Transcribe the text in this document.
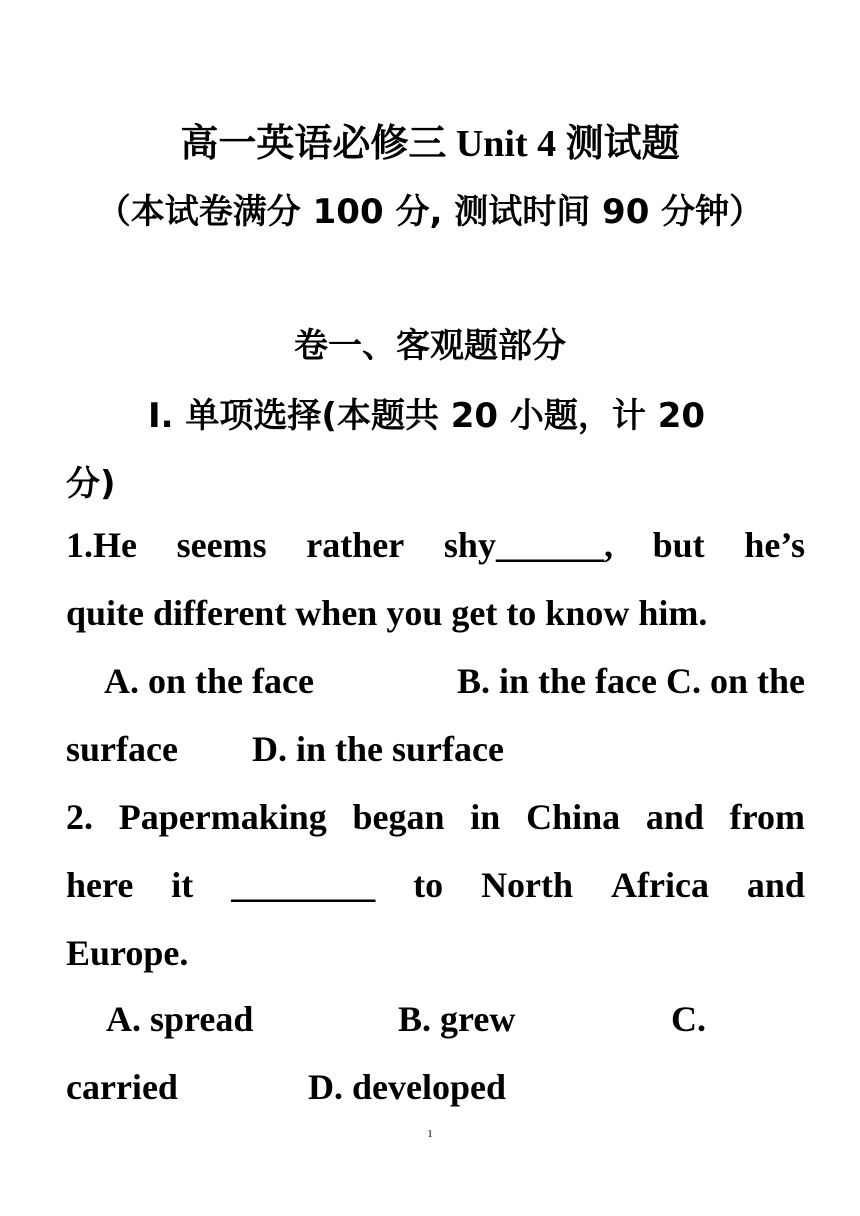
高一英语必修三 Unit 4 测试题
（本试卷满分 100 分, 测试时间 90 分钟）
卷一、客观题部分
I. 单项选择(本题共 20 小题，计 20
分)
1.He seems rather shy______, but he’s
quite different when you get to know him.
A. on the face	B. in the face C. on the
surface D. in the surface
2. Papermaking began in China and from
here it ________ to North Africa and
Europe.
A. spread	B. grew	C.
carried	D. developed
1
